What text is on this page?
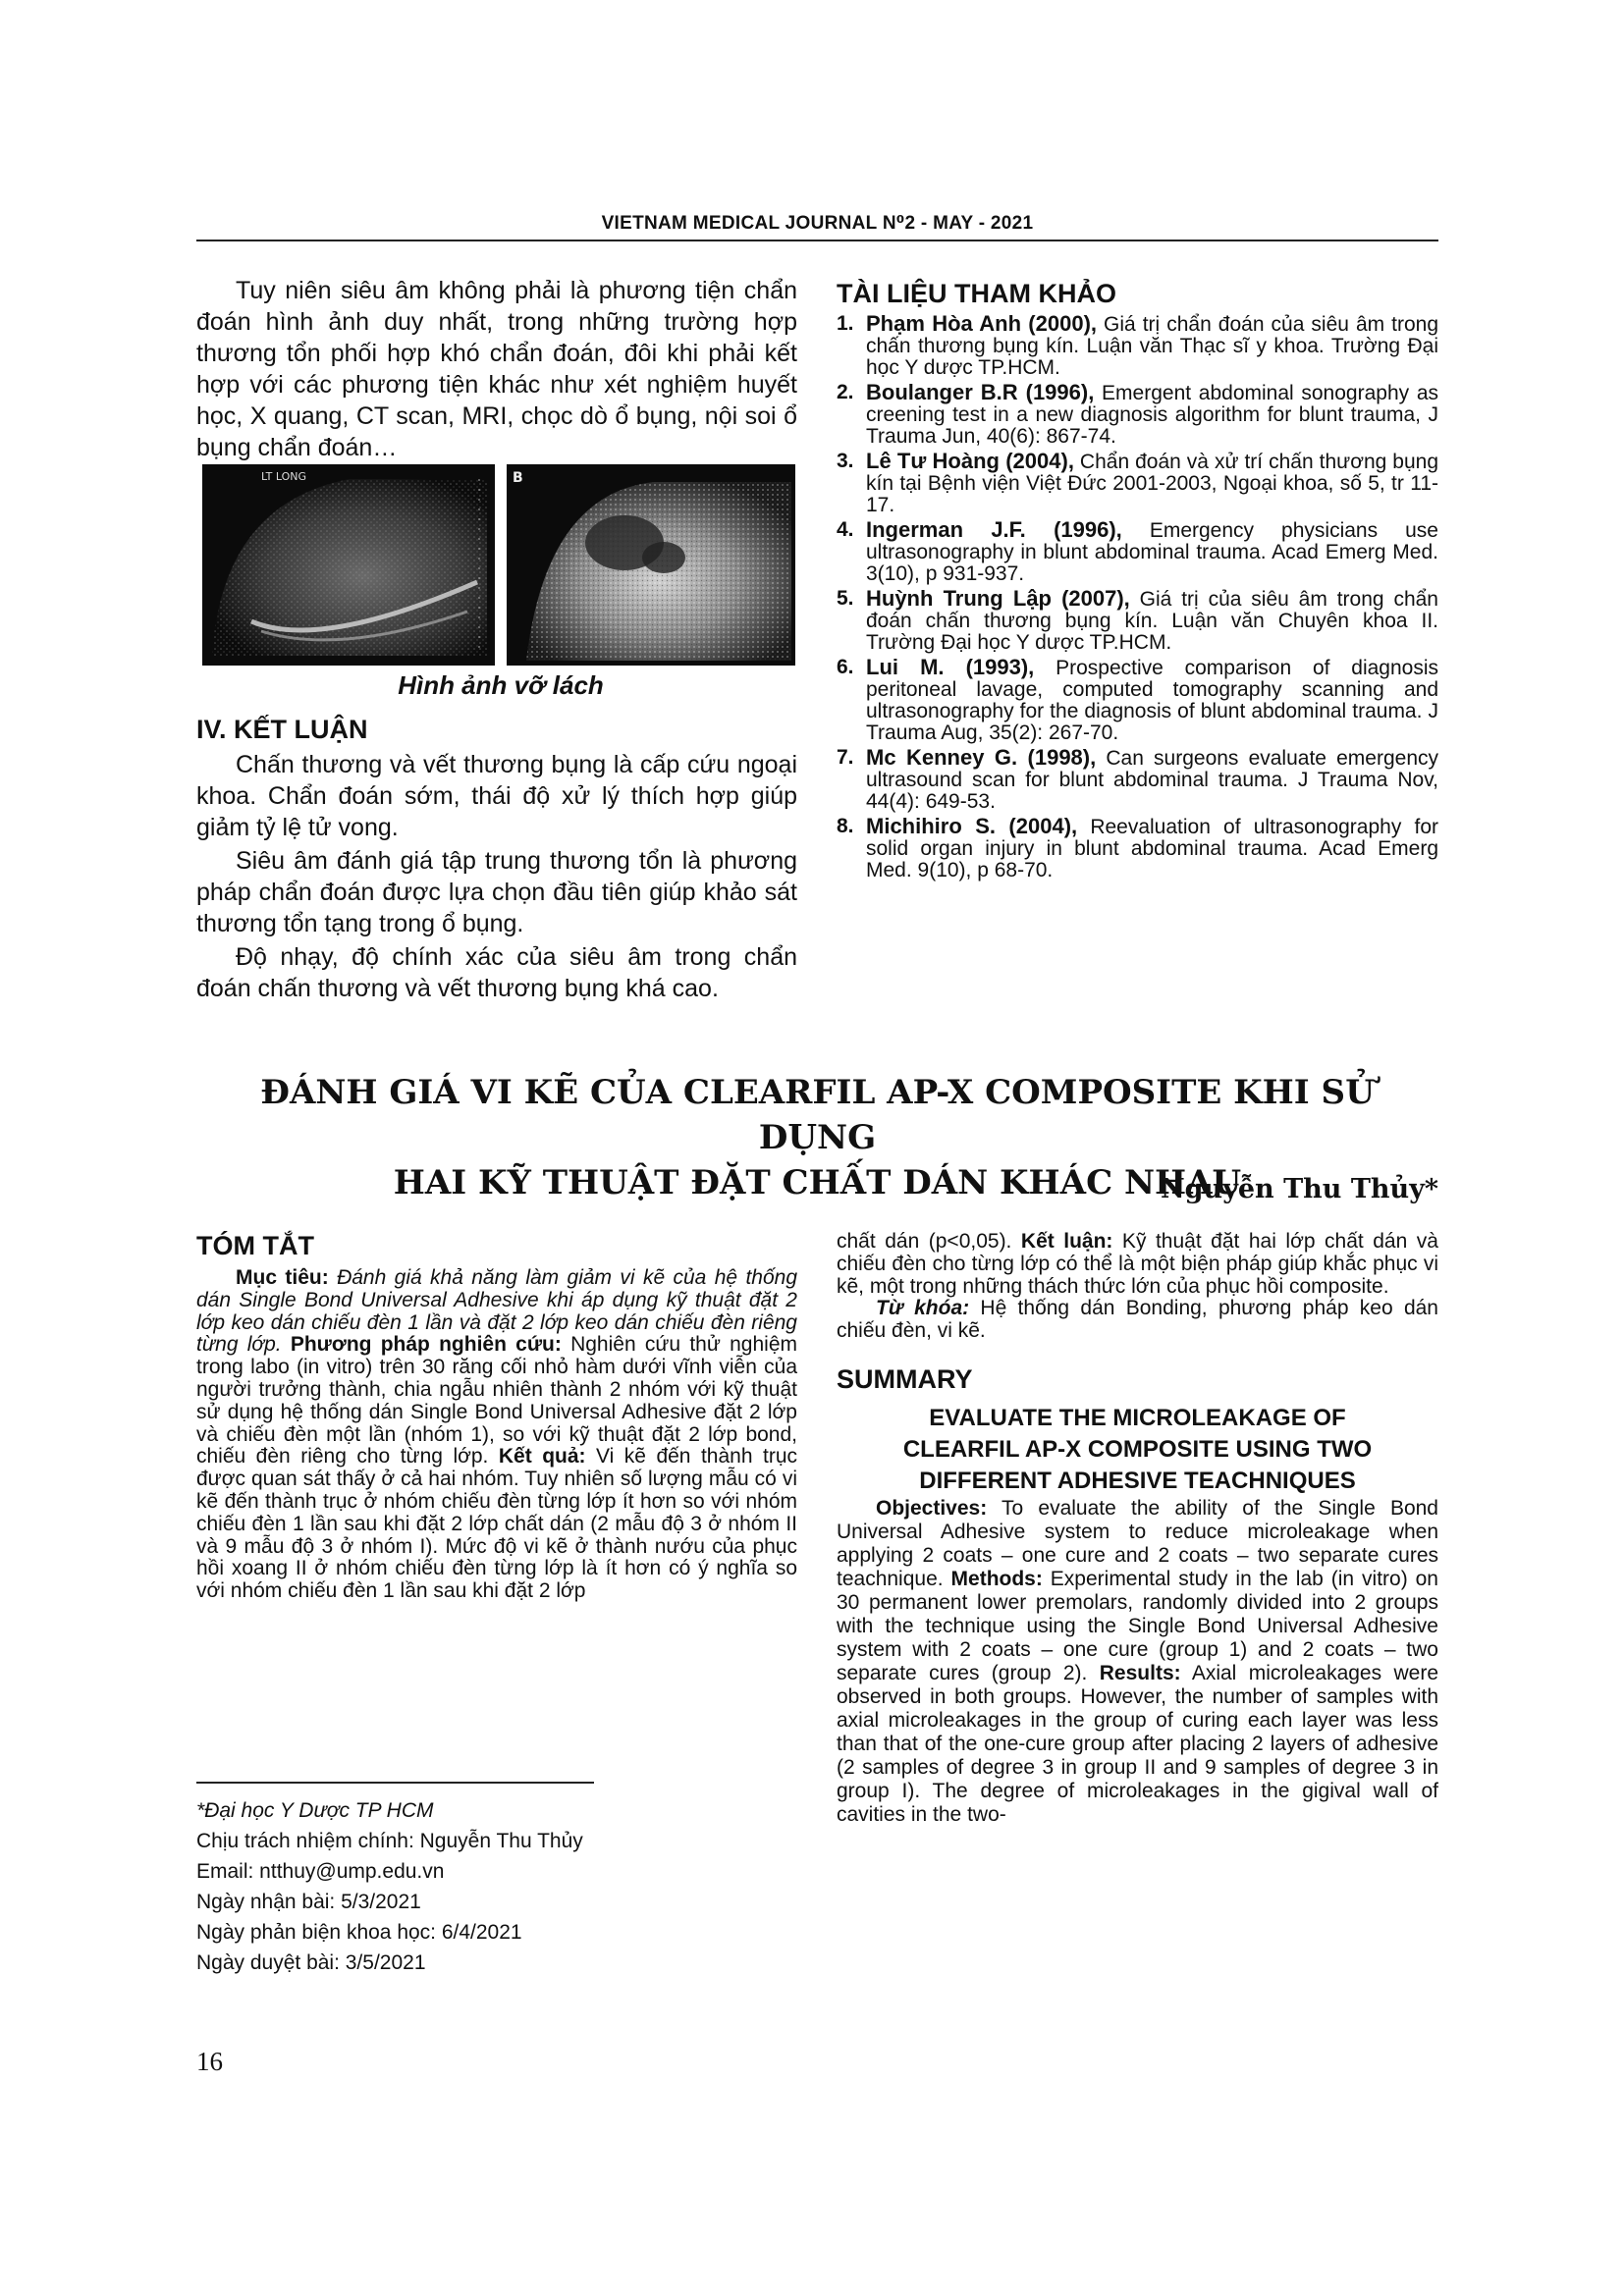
VIETNAM MEDICAL JOURNAL N⁰2 - MAY - 2021

Tuy niên siêu âm không phải là phương tiện chẩn đoán hình ảnh duy nhất, trong những trường hợp thương tổn phối hợp khó chẩn đoán, đôi khi phải kết hợp với các phương tiện khác như xét nghiệm huyết học, X quang, CT scan, MRI, chọc dò ổ bụng, nội soi ổ bụng chẩn đoán…

LT LONG	B
Hình ảnh vỡ lách

IV. KẾT LUẬN

Chấn thương và vết thương bụng là cấp cứu ngoại khoa. Chẩn đoán sớm, thái độ xử lý thích hợp giúp giảm tỷ lệ tử vong.

Siêu âm đánh giá tập trung thương tổn là phương pháp chẩn đoán được lựa chọn đầu tiên giúp khảo sát thương tổn tạng trong ổ bụng.

Độ nhạy, độ chính xác của siêu âm trong chẩn đoán chấn thương và vết thương bụng khá cao.

TÀI LIỆU THAM KHẢO

1. Phạm Hòa Anh (2000), Giá trị chẩn đoán của siêu âm trong chấn thương bụng kín. Luận văn Thạc sĩ y khoa. Trường Đại học Y dược TP.HCM.
2. Boulanger B.R (1996), Emergent abdominal sonography as creening test in a new diagnosis algorithm for blunt trauma, J Trauma Jun, 40(6): 867-74.
3. Lê Tư Hoàng (2004), Chẩn đoán và xử trí chấn thương bụng kín tại Bệnh viện Việt Đức 2001-2003, Ngoại khoa, số 5, tr 11-17.
4. Ingerman J.F. (1996), Emergency physicians use ultrasonography in blunt abdominal trauma. Acad Emerg Med. 3(10), p 931-937.
5. Huỳnh Trung Lập (2007), Giá trị của siêu âm trong chẩn đoán chấn thương bụng kín. Luận văn Chuyên khoa II. Trường Đại học Y dược TP.HCM.
6. Lui M. (1993), Prospective comparison of diagnosis peritoneal lavage, computed tomography scanning and ultrasonography for the diagnosis of blunt abdominal trauma. J Trauma Aug, 35(2): 267-70.
7. Mc Kenney G. (1998), Can surgeons evaluate emergency ultrasound scan for blunt abdominal trauma. J Trauma Nov, 44(4): 649-53.
8. Michihiro S. (2004), Reevaluation of ultrasonography for solid organ injury in blunt abdominal trauma. Acad Emerg Med. 9(10), p 68-70.
ĐÁNH GIÁ VI KẼ CỦA CLEARFIL AP-X COMPOSITE KHI SỬ DỤNG
HAI KỸ THUẬT ĐẶT CHẤT DÁN KHÁC NHAU
Nguyễn Thu Thủy*

TÓM TẮT

Mục tiêu: Đánh giá khả năng làm giảm vi kẽ của hệ thống dán Single Bond Universal Adhesive khi áp dụng kỹ thuật đặt 2 lớp keo dán chiếu đèn 1 lần và đặt 2 lớp keo dán chiếu đèn riêng từng lớp. Phương pháp nghiên cứu: Nghiên cứu thử nghiệm trong labo (in vitro) trên 30 răng cối nhỏ hàm dưới vĩnh viễn của người trưởng thành, chia ngẫu nhiên thành 2 nhóm với kỹ thuật sử dụng hệ thống dán Single Bond Universal Adhesive đặt 2 lớp và chiếu đèn một lần (nhóm 1), so với kỹ thuật đặt 2 lớp bond, chiếu đèn riêng cho từng lớp. Kết quả: Vi kẽ đến thành trục được quan sát thấy ở cả hai nhóm. Tuy nhiên số lượng mẫu có vi kẽ đến thành trục ở nhóm chiếu đèn từng lớp ít hơn so với nhóm chiếu đèn 1 lần sau khi đặt 2 lớp chất dán (2 mẫu độ 3 ở nhóm II và 9 mẫu độ 3 ở nhóm I). Mức độ vi kẽ ở thành nướu của phục hồi xoang II ở nhóm chiếu đèn từng lớp là ít hơn có ý nghĩa so với nhóm chiếu đèn 1 lần sau khi đặt 2 lớp

*Đại học Y Dược TP HCM
Chịu trách nhiệm chính: Nguyễn Thu Thủy
Email: ntthuy@ump.edu.vn
Ngày nhận bài: 5/3/2021
Ngày phản biện khoa học: 6/4/2021
Ngày duyệt bài: 3/5/2021

chất dán (p<0,05). Kết luận: Kỹ thuật đặt hai lớp chất dán và chiếu đèn cho từng lớp có thể là một biện pháp giúp khắc phục vi kẽ, một trong những thách thức lớn của phục hồi composite.

Từ khóa: Hệ thống dán Bonding, phương pháp keo dán chiếu đèn, vi kẽ.

SUMMARY

EVALUATE THE MICROLEAKAGE OF

CLEARFIL AP-X COMPOSITE USING TWO

DIFFERENT ADHESIVE TEACHNIQUES

Objectives: To evaluate the ability of the Single Bond Universal Adhesive system to reduce microleakage when applying 2 coats – one cure and 2 coats – two separate cures teachnique. Methods: Experimental study in the lab (in vitro) on 30 permanent lower premolars, randomly divided into 2 groups with the technique using the Single Bond Universal Adhesive system with 2 coats – one cure (group 1) and 2 coats – two separate cures (group 2). Results: Axial microleakages were observed in both groups. However, the number of samples with axial microleakages in the group of curing each layer was less than that of the one-cure group after placing 2 layers of adhesive (2 samples of degree 3 in group II and 9 samples of degree 3 in group I). The degree of microleakages in the gigival wall of cavities in the two-

16
